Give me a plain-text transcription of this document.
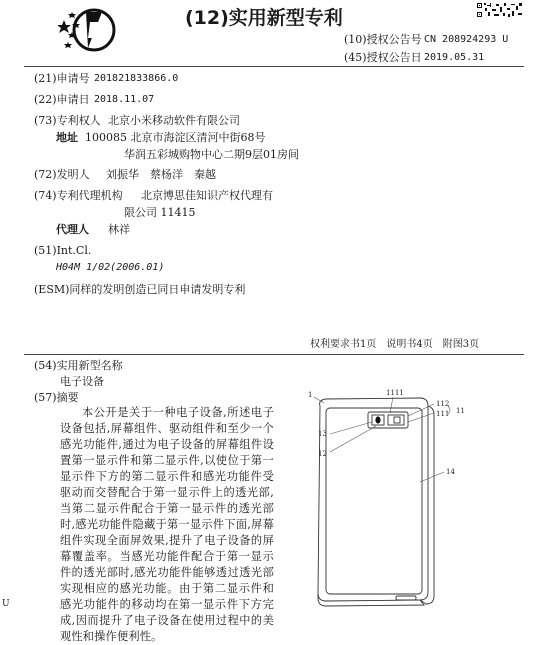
(12)实用新型专利
(10)授权公告号 CN 208924293 U
(45)授权公告日 2019.05.31
(21)申请号 201821833866.0
(22)申请日 2018.11.07
(73)专利权人 北京小米移动软件有限公司
地址 100085 北京市海淀区清河中街68号
华润五彩城购物中心二期9层01房间
(72)发明人 刘振华　蔡杨洋　秦越
(74)专利代理机构 北京博思佳知识产权代理有
限公司 11415
代理人 林祥
(51)Int.Cl.
H04M 1/02(2006.01)
(ESM)同样的发明创造已同日申请发明专利
权利要求书1页　说明书4页　附图3页
(54)实用新型名称
电子设备
(57)摘要
本公开是关于一种电子设备,所述电子设备包括,屏幕组件、驱动组件和至少一个感光功能件,通过为电子设备的屏幕组件设置第一显示件和第二显示件,以使位于第一显示件下方的第二显示件和感光功能件受驱动而交替配合于第一显示件上的透光部,当第二显示件配合于第一显示件的透光部时,感光功能件隐藏于第一显示件下面,屏幕组件实现全面屏效果,提升了电子设备的屏幕覆盖率。当感光功能件配合于第一显示件的透光部时,感光功能件能够透过透光部实现相应的感光功能。由于第二显示件和感光功能件的移动均在第一显示件下方完成,因而提升了电子设备在使用过程中的美观性和操作便利性。
U
1	1111
112
111 11
13
12
14
